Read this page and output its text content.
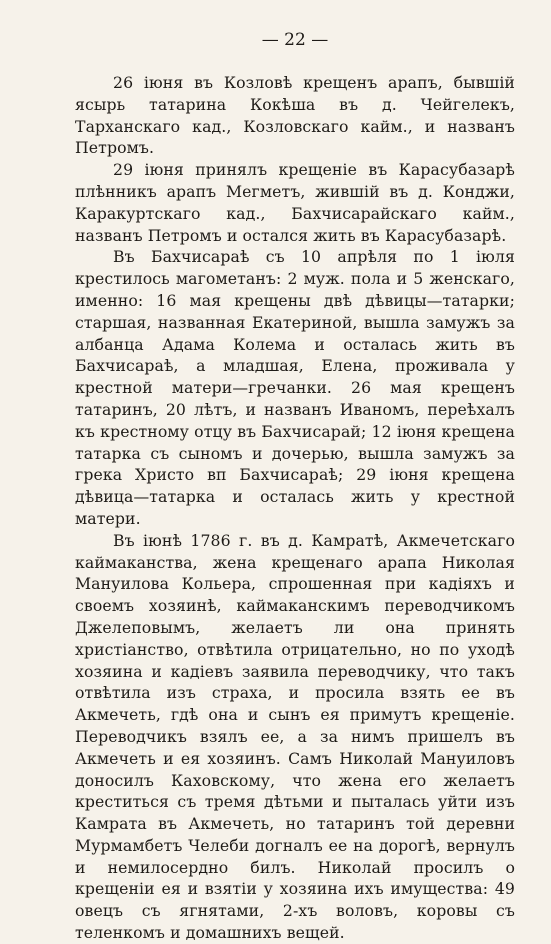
— 22 —

26 iюня въ Козловѣ крещенъ арапъ, бывшiй ясырь татарина Кокѣша въ д. Чейгелекъ, Тарханскаго кад., Козловскаго кайм., и названъ Петромъ.

29 iюня принялъ крещенiе въ Карасубазарѣ плѣнникъ арапъ Мегметъ, жившiй въ д. Конджи, Каракуртскаго кад., Бахчисарайскаго кайм., названъ Петромъ и остался жить въ Карасубазарѣ.

Въ Бахчисараѣ съ 10 апрѣля по 1 iюля крестилось магометанъ: 2 муж. пола и 5 женскаго, именно: 16 мая крещены двѣ дѣвицы—татарки; старшая, названная Екатериной, вышла замужъ за албанца Адама Колема и осталась жить въ Бахчисараѣ, а младшая, Елена, проживала у крестной матери—гречанки. 26 мая крещенъ татаринъ, 20 лѣтъ, и названъ Иваномъ, переѣхалъ къ крестному отцу въ Бахчисарай; 12 iюня крещена татарка съ сыномъ и дочерью, вышла замужъ за грека Христо вп Бахчисараѣ; 29 iюня крещена дѣвица—татарка и осталась жить у крестной матери.

Въ iюнѣ 1786 г. въ д. Камратѣ, Акмечетскаго каймаканства, жена крещенаго арапа Николая Мануилова Кольера, спрошенная при кадiяхъ и своемъ хозяинѣ, каймаканскимъ переводчикомъ Джелеповымъ, желаетъ ли она принять христiанство, отвѣтила отрицательно, но по уходѣ хозяина и кадiевъ заявила переводчику, что такъ отвѣтила изъ страха, и просила взять ее въ Акмечеть, гдѣ она и сынъ ея примутъ крещенiе. Переводчикъ взялъ ее, а за нимъ пришелъ въ Акмечеть и ея хозяинъ. Самъ Николай Мануиловъ доносилъ Каховскому, что жена его желаетъ креститься съ тремя дѣтьми и пыталась уйти изъ Камрата въ Акмечеть, но татаринъ той деревни Мурмамбетъ Челеби догналъ ее на дорогѣ, вернулъ и немилосердно билъ. Николай просилъ о крещенiи ея и взятiи у хозяина ихъ имущества: 49 овецъ съ ягнятами, 2-хъ воловъ, коровы съ теленкомъ и домашнихъ вещей.
